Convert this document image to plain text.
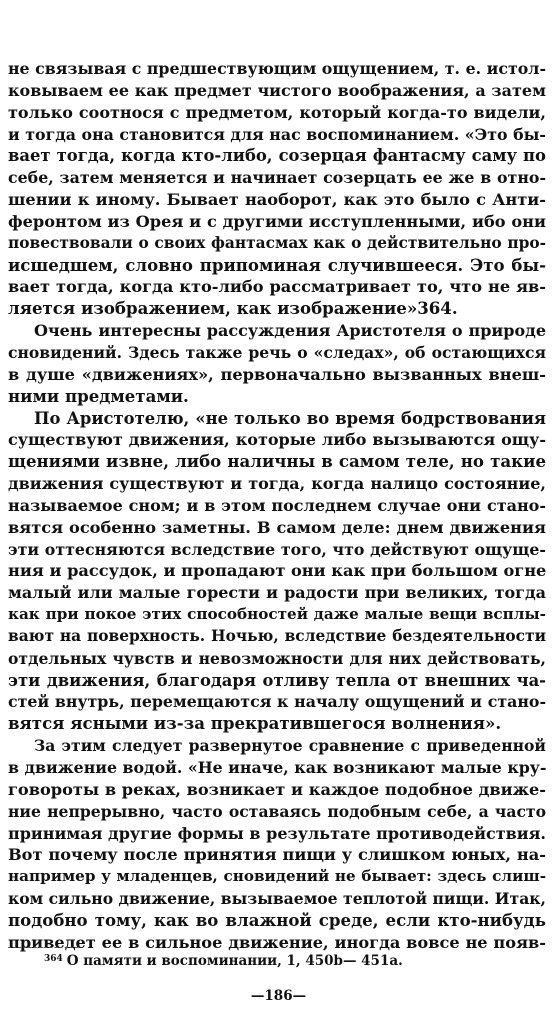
не связывая с предшествующим ощущением, т. е. истол-
ковываем ее как предмет чистого воображения, а затем
только соотнося с предметом, который когда-то видели,
и тогда она становится для нас воспоминанием. «Это бы-
вает тогда, когда кто-либо, созерцая фантасму саму по
себе, затем меняется и начинает созерцать ее же в отно-
шении к иному. Бывает наоборот, как это было с Анти-
феронтом из Орея и с другими исступленными, ибо они
повествовали о своих фантасмах как о действительно про-
исшедшем, словно припоминая случившееся. Это бы-
вает тогда, когда кто-либо рассматривает то, что не яв-
ляется изображением, как изображение»364.
Очень интересны рассуждения Аристотеля о природе
сновидений. Здесь также речь о «следах», об остающихся
в душе «движениях», первоначально вызванных внеш-
ними предметами.
По Аристотелю, «не только во время бодрствования
существуют движения, которые либо вызываются ощу-
щениями извне, либо наличны в самом теле, но такие
движения существуют и тогда, когда налицо состояние,
называемое сном; и в этом последнем случае они стано-
вятся особенно заметны. В самом деле: днем движения
эти оттесняются вследствие того, что действуют ощуще-
ния и рассудок, и пропадают они как при большом огне
малый или малые горести и радости при великих, тогда
как при покое этих способностей даже малые вещи всплы-
вают на поверхность. Ночью, вследствие бездеятельности
отдельных чувств и невозможности для них действовать,
эти движения, благодаря отливу тепла от внешних ча-
стей внутрь, перемещаются к началу ощущений и стано-
вятся ясными из-за прекратившегося волнения».
За этим следует развернутое сравнение с приведенной
в движение водой. «Не иначе, как возникают малые кру-
говороты в реках, возникает и каждое подобное движе-
ние непрерывно, часто оставаясь подобным себе, а часто
принимая другие формы в результате противодействия.
Вот почему после принятия пищи у слишком юных, на-
например у младенцев, сновидений не бывает: здесь слиш-
ком сильно движение, вызываемое теплотой пищи. Итак,
подобно тому, как во влажной среде, если кто-нибудь
приведет ее в сильное движение, иногда вовсе не появ-
$^{364}$ О памяти и воспоминании, 1, 450b— 451a.
—186—
